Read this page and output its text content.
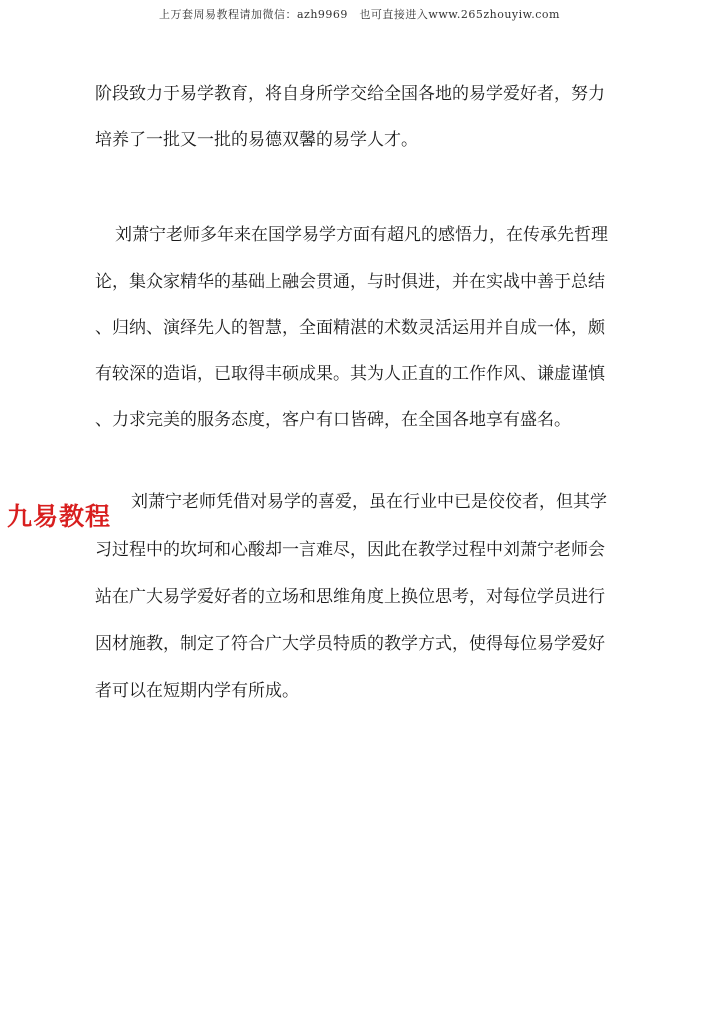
上万套周易教程请加微信：azh9969　也可直接进入www.265zhouyiw.com
阶段致力于易学教育，将自身所学交给全国各地的易学爱好者，努力
培养了一批又一批的易德双馨的易学人才。
刘萧宁老师多年来在国学易学方面有超凡的感悟力，在传承先哲理
论，集众家精华的基础上融会贯通，与时俱进，并在实战中善于总结
、归纳、演绎先人的智慧，全面精湛的术数灵活运用并自成一体，颇
有较深的造诣，已取得丰硕成果。其为人正直的工作作风、谦虚谨慎
、力求完美的服务态度，客户有口皆碑，在全国各地享有盛名。
刘萧宁老师凭借对易学的喜爱，虽在行业中已是佼佼者，但其学
习过程中的坎坷和心酸却一言难尽，因此在教学过程中刘萧宁老师会
站在广大易学爱好者的立场和思维角度上换位思考，对每位学员进行
因材施教，制定了符合广大学员特质的教学方式，使得每位易学爱好
者可以在短期内学有所成。
九易教程
